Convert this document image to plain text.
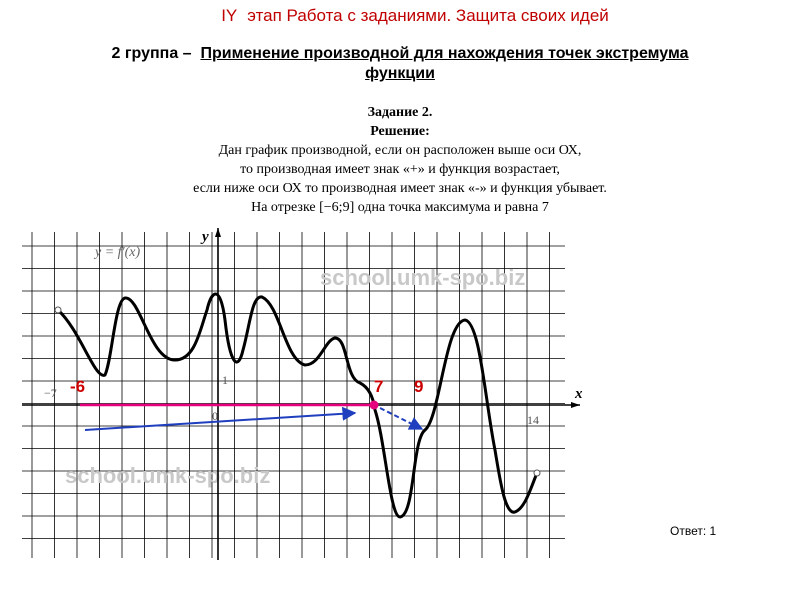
IY этап Работа с заданиями. Защита своих идей
2 группа – Применение производной для нахождения точек экстремума
функции
Задание 2.
Решение:
Дан график производной, если он расположен выше оси ОХ,
то производная имеет знак «+» и функция возрастает,
если ниже оси ОХ то производная имеет знак «-» и функция убывает.
На отрезке [−6;9] одна точка максимума и равна 7
school.umk-spo.biz
school.umk-spo.biz
y
x
y = f′(x)
−7
14
1
0
-6	7 9
Ответ: 1
